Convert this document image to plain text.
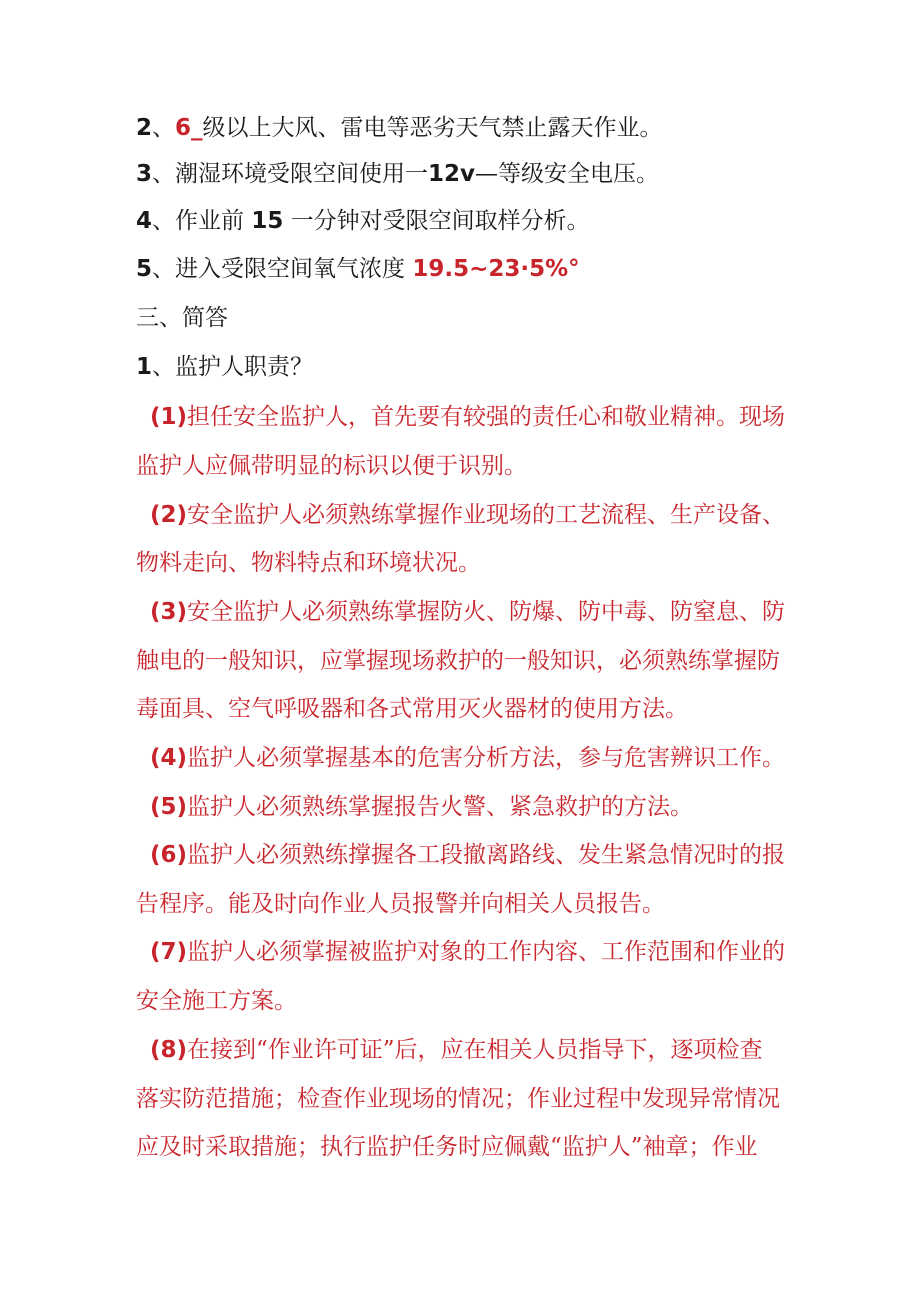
2、6_级以上大风、雷电等恶劣天气禁止露天作业。
3、潮湿环境受限空间使用一12v—等级安全电压。
4、作业前 15 一分钟对受限空间取样分析。
5、进入受限空间氧气浓度 19.5~23·5%°
三、简答
1、监护人职责？
(1)担任安全监护人，首先要有较强的责任心和敬业精神。现场
监护人应佩带明显的标识以便于识别。
(2)安全监护人必须熟练掌握作业现场的工艺流程、生产设备、
物料走向、物料特点和环境状况。
(3)安全监护人必须熟练掌握防火、防爆、防中毒、防窒息、防
触电的一般知识，应掌握现场救护的一般知识，必须熟练掌握防
毒面具、空气呼吸器和各式常用灭火器材的使用方法。
(4)监护人必须掌握基本的危害分析方法，参与危害辨识工作。
(5)监护人必须熟练掌握报告火警、紧急救护的方法。
(6)监护人必须熟练撑握各工段撤离路线、发生紧急情况时的报
告程序。能及时向作业人员报警并向相关人员报告。
(7)监护人必须掌握被监护对象的工作内容、工作范围和作业的
安全施工方案。
(8)在接到“作业许可证”后，应在相关人员指导下，逐项检查
落实防范措施；检查作业现场的情况；作业过程中发现异常情况
应及时采取措施；执行监护任务时应佩戴“监护人”袖章；作业
